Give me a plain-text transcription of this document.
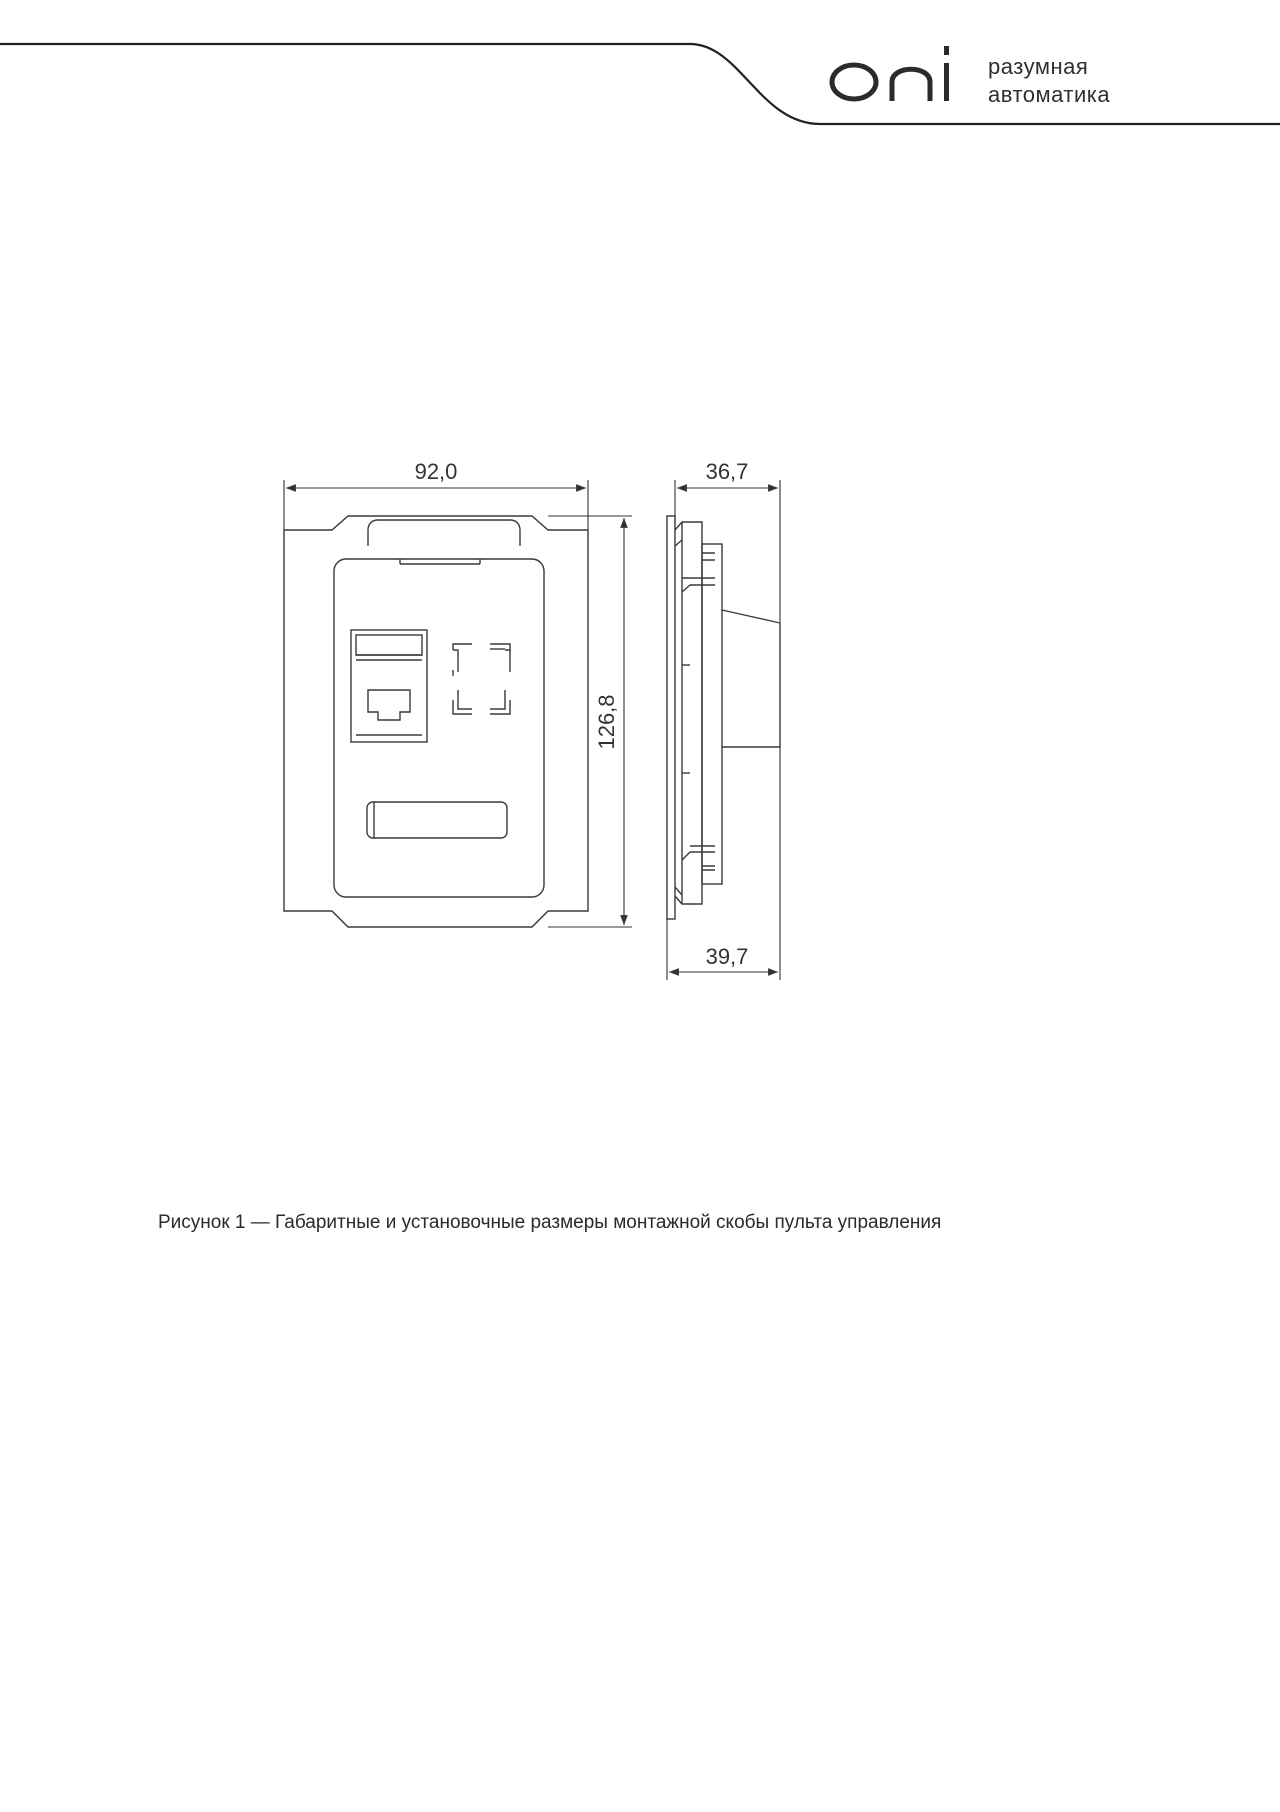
разумная
автоматика
92,0	36,7
39,7
126,8
Рисунок 1 — Габаритные и установочные размеры монтажной скобы пульта управления
